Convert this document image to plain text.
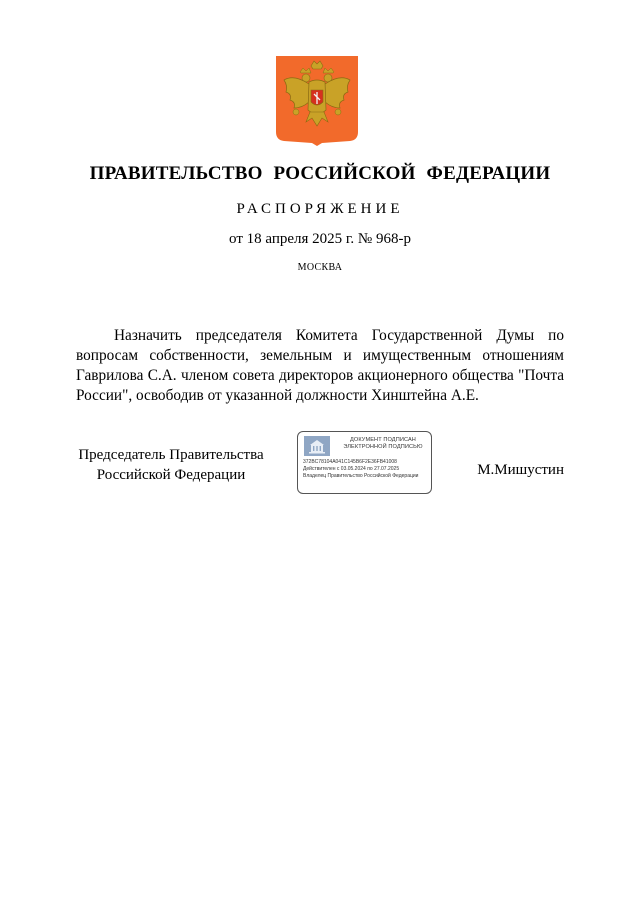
ПРАВИТЕЛЬСТВО РОССИЙСКОЙ ФЕДЕРАЦИИ
РАСПОРЯЖЕНИЕ
от 18 апреля 2025 г. № 968-р
МОСКВА

Назначить председателя Комитета Государственной Думы по вопросам собственности, земельным и имущественным отношениям Гаврилова С.А. членом совета директоров акционерного общества "Почта России", освободив от указанной должности Хинштейна А.Е.

Председатель Правительства
Российской Федерации
ДОКУМЕНТ ПОДПИСАН
ЭЛЕКТРОННОЙ ПОДПИСЬЮ
372BC78104A041C145B6F2E36FB41008
Действителен с 03.05.2024 по 27.07.2025
Владелец Правительство Российской Федерации	М.Мишустин
